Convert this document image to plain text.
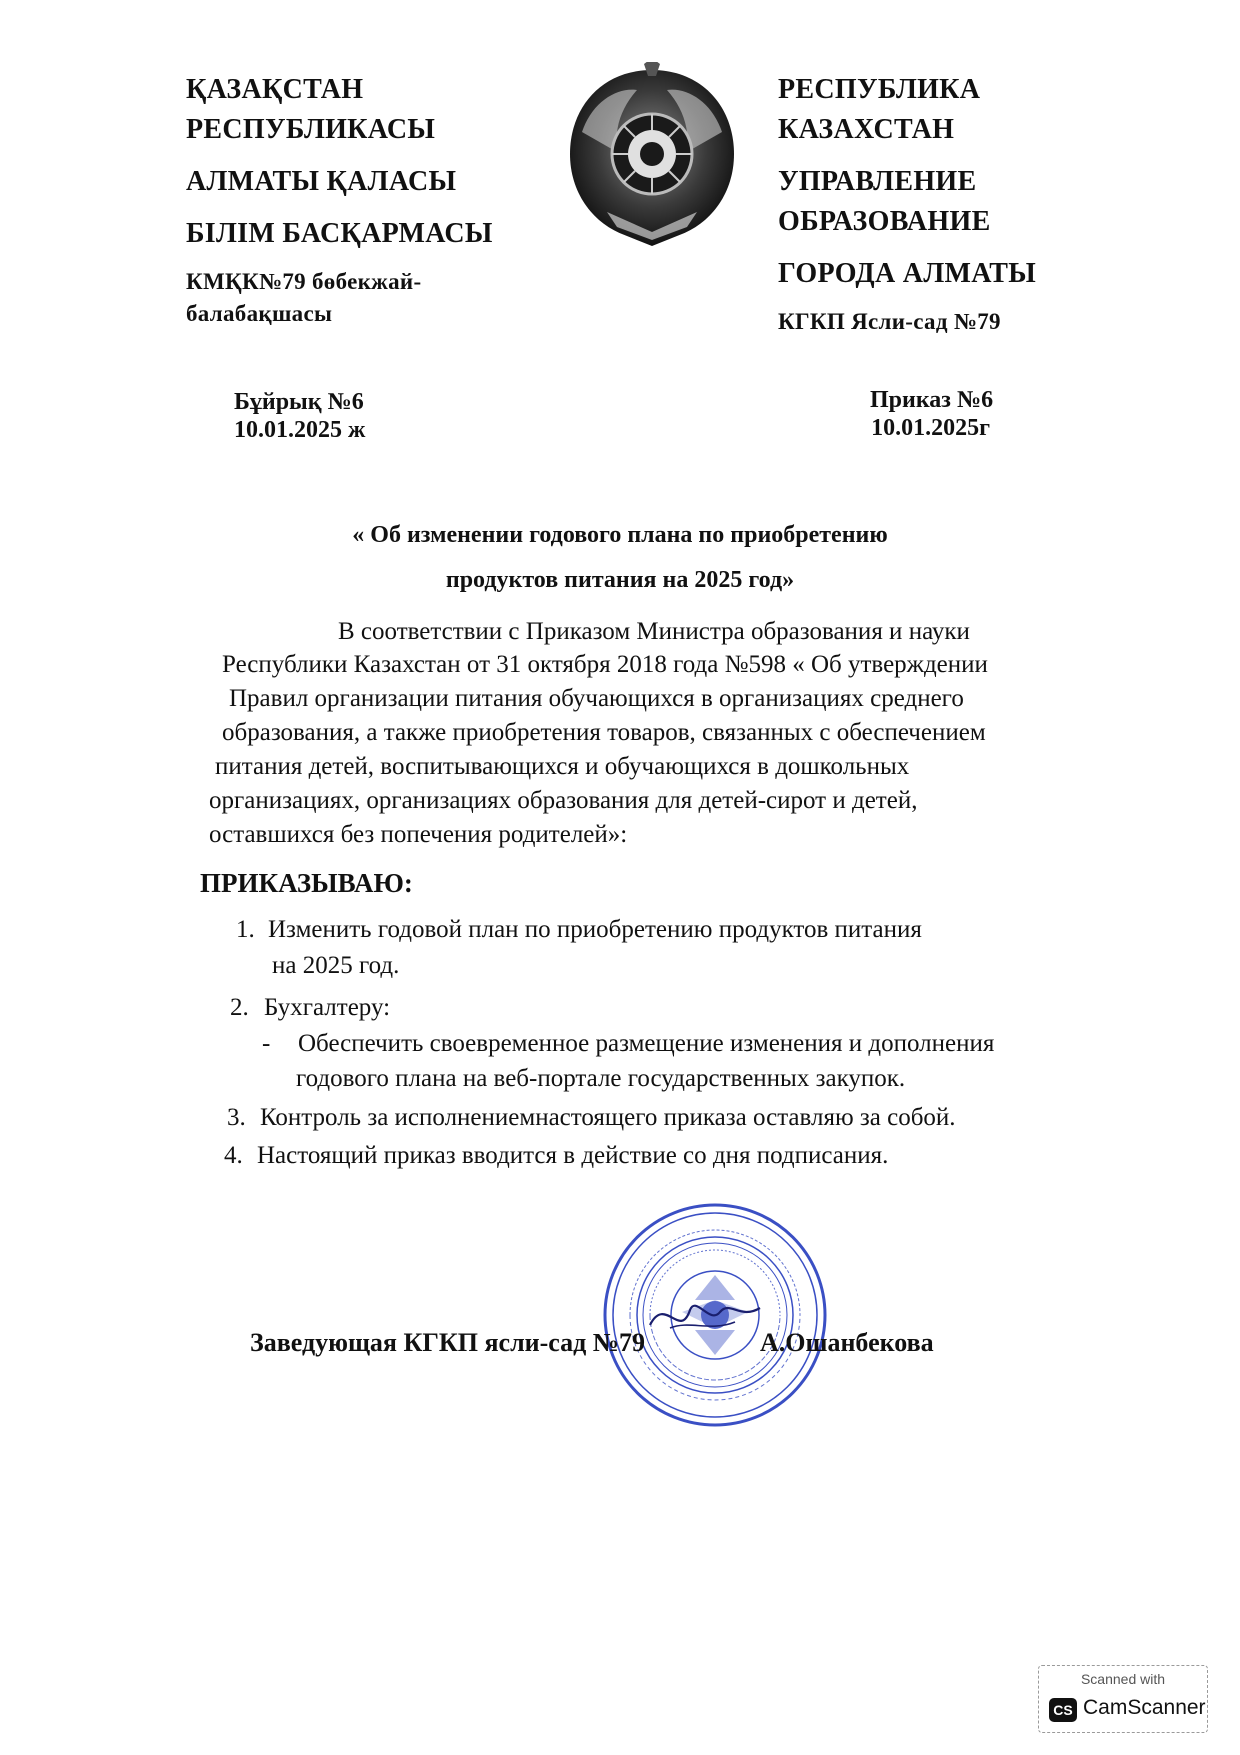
ҚАЗАҚСТАН
РЕСПУБЛИКАСЫ
АЛМАТЫ ҚАЛАСЫ
БІЛІМ БАСҚАРМАСЫ
КМҚК№79 бөбекжай-
балабақшасы
РЕСПУБЛИКА
КАЗАХСТАН
УПРАВЛЕНИЕ
ОБРАЗОВАНИЕ
ГОРОДА АЛМАТЫ
КГКП Ясли-сад №79
Бұйрық №6
10.01.2025 ж
Приказ №6
10.01.2025г
« Об изменении годового плана по приобретению
продуктов питания на 2025 год»
В соответствии с Приказом Министра образования и науки
Республики Казахстан от 31 октября 2018 года №598 « Об утверждении
Правил организации питания обучающихся в организациях среднего
образования, а также приобретения товаров, связанных с обеспечением
питания детей, воспитывающихся и обучающихся в дошкольных
организациях, организациях образования для детей-сирот и детей,
оставшихся без попечения родителей»:
ПРИКАЗЫВАЮ:
1. Изменить годовой план по приобретению продуктов питания
на 2025 год.
2. Бухгалтеру:
- Обеспечить своевременное размещение изменения и дополнения
годового плана на веб-портале государственных закупок.
3. Контроль за исполнениемнастоящего приказа оставляю за собой.
4. Настоящий приказ вводится в действие со дня подписания.
Заведующая КГКП ясли-сад №79	А.Ошанбекова
Scanned with
CS CamScanner
